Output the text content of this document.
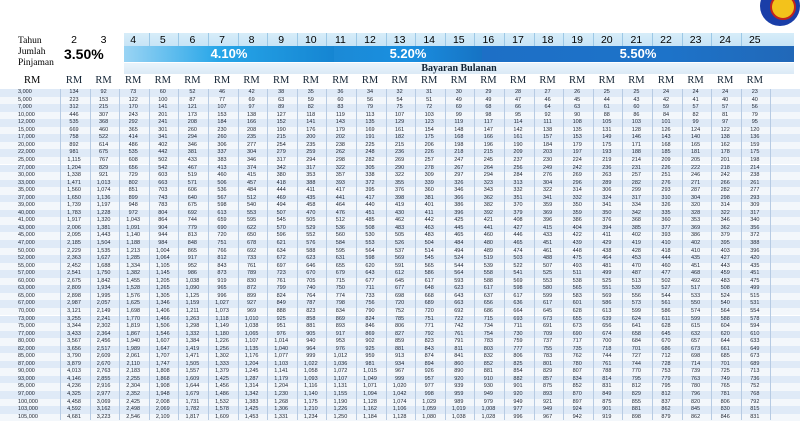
Tahun
Jumlah
Pinjaman
2	3	4	5	6	7	8	9	10	11	12	13	14	15	16	17	18	19	20	21	22	23	24	25
3.50%	4.10%	5.20%	5.50%
Bayaran Bulanan
RM	RM	RM	RM	RM	RM	RM	RM	RM	RM	RM	RM	RM	RM	RM	RM	RM	RM	RM	RM	RM	RM	RM	RM	RM
3,000	134	92	73	60	52	46	42	38	35	36	34	32	31	30	29	28	27	26	25	25	24	24	24	23
5,000	223	153	122	100	87	77	69	63	59	60	56	54	51	49	49	47	46	45	44	43	42	41	40	40
7,000	312	215	170	141	121	107	97	89	82	83	79	75	72	69	68	66	64	63	61	60	59	57	57	56
10,000	446	307	243	201	173	153	138	127	118	119	113	107	103	99	98	95	92	90	88	86	84	82	81	79
12,000	535	368	292	241	208	184	166	152	141	143	135	129	123	119	117	114	111	108	105	103	101	99	97	95
15,000	669	460	365	301	260	230	208	190	176	179	169	161	154	148	147	142	138	135	131	128	126	124	122	120
17,000	758	522	414	341	294	260	235	215	200	202	191	182	175	168	166	161	157	153	149	146	143	140	138	136
20,000	892	614	486	402	346	306	277	254	235	238	225	215	206	198	196	190	184	179	175	171	168	165	162	159
22,000	981	675	535	442	381	337	304	279	259	262	248	236	226	218	215	209	203	197	193	188	185	181	178	175
25,000	1,115	767	608	502	433	383	346	317	294	298	282	269	257	247	245	237	230	224	219	214	209	205	201	198
27,000	1,204	829	656	542	467	413	374	342	317	322	305	290	278	267	264	256	249	242	236	231	226	222	218	214
30,000	1,338	921	729	603	519	460	415	380	353	357	338	322	309	297	294	284	276	269	263	257	251	246	242	238
33,000	1,471	1,013	802	663	571	506	457	418	388	393	372	355	339	326	323	313	304	296	289	282	276	271	266	261
35,000	1,560	1,074	851	703	606	536	484	444	411	417	395	376	360	346	343	332	322	314	306	299	293	287	282	277
37,000	1,650	1,136	899	743	640	567	512	469	435	441	417	398	381	366	362	351	341	332	324	317	310	304	298	293
39,000	1,739	1,197	948	783	675	598	540	494	458	464	440	419	401	386	382	370	359	350	341	334	326	320	314	309
40,000	1,783	1,228	972	804	692	613	553	507	470	476	451	430	411	396	392	379	369	359	350	342	335	328	322	317
41,000	1,917	1,320	1,043	864	744	659	595	545	505	512	485	462	442	425	421	408	396	386	376	368	360	353	346	340
43,000	2,006	1,381	1,091	904	779	690	622	570	529	536	508	483	463	445	441	427	415	404	394	385	377	369	362	356
45,000	2,095	1,443	1,140	944	813	720	650	596	552	560	530	505	483	465	460	446	433	422	411	402	393	386	379	372
47,000	2,185	1,504	1,188	984	848	751	678	621	576	584	553	526	504	484	480	465	451	439	429	419	410	402	395	388
50,000	2,229	1,535	1,213	1,004	865	766	692	634	588	595	564	537	514	494	489	474	461	448	438	428	418	410	403	396
52,000	2,363	1,627	1,285	1,064	917	812	733	672	623	631	598	569	545	524	519	503	488	475	464	453	444	435	427	420
55,000	2,452	1,688	1,334	1,105	952	843	761	697	646	655	620	591	565	544	539	522	507	493	481	470	460	451	443	435
57,000	2,541	1,750	1,382	1,145	986	873	789	723	670	679	643	612	586	564	558	541	525	511	499	487	477	468	459	451
60,000	2,675	1,842	1,455	1,205	1,038	919	830	761	705	715	677	645	617	593	588	569	553	538	525	513	502	492	483	475
63,000	2,809	1,934	1,528	1,265	1,090	965	872	799	740	750	711	677	648	623	617	598	580	565	551	539	527	517	508	499
65,000	2,898	1,995	1,576	1,305	1,125	996	899	824	764	774	733	698	668	643	637	617	599	583	569	556	544	533	524	515
67,000	2,987	2,057	1,625	1,346	1,159	1,027	927	849	787	798	756	720	689	663	656	636	617	601	586	573	561	550	540	531
70,000	3,121	2,149	1,698	1,406	1,211	1,073	969	888	823	834	790	752	720	692	686	664	645	628	613	599	586	574	564	554
73,000	3,255	2,241	1,770	1,466	1,263	1,118	1,010	925	858	869	824	785	751	722	715	693	673	655	639	624	611	599	588	578
75,000	3,344	2,302	1,819	1,506	1,298	1,149	1,038	951	881	893	846	806	771	742	734	711	691	673	656	641	628	615	604	594
77,000	3,433	2,364	1,867	1,546	1,332	1,180	1,065	976	905	917	869	827	792	761	754	730	709	690	674	658	645	632	620	610
80,000	3,567	2,456	1,940	1,607	1,384	1,226	1,107	1,014	940	953	902	859	823	791	783	759	737	717	700	684	670	657	644	633
82,000	3,656	2,517	1,989	1,647	1,419	1,256	1,135	1,040	964	976	925	881	843	811	803	777	755	735	718	701	686	673	661	649
85,000	3,790	2,609	2,061	1,707	1,471	1,302	1,176	1,077	999	1,012	959	913	874	841	832	806	783	762	744	727	712	698	685	673
87,000	3,879	2,670	2,110	1,747	1,505	1,333	1,204	1,103	1,022	1,036	981	934	894	860	852	825	801	780	761	744	728	714	701	689
90,000	4,013	2,763	2,183	1,808	1,557	1,379	1,245	1,141	1,058	1,072	1,015	967	926	890	881	854	829	807	788	770	753	739	725	713
93,000	4,146	2,855	2,255	1,868	1,609	1,425	1,287	1,179	1,093	1,107	1,049	999	957	920	910	882	857	834	814	795	779	763	749	736
95,000	4,236	2,916	2,304	1,908	1,644	1,456	1,314	1,204	1,116	1,131	1,071	1,020	977	939	930	901	875	852	831	812	795	780	765	752
97,000	4,325	2,977	2,352	1,948	1,679	1,486	1,342	1,230	1,140	1,155	1,094	1,042	998	959	949	920	893	870	849	829	812	796	781	768
100,000	4,458	3,069	2,425	2,008	1,731	1,532	1,383	1,268	1,175	1,190	1,128	1,074	1,029	989	979	949	921	897	875	855	837	820	806	792
103,000	4,592	3,162	2,498	2,069	1,782	1,578	1,425	1,306	1,210	1,226	1,162	1,106	1,059	1,019	1,008	977	949	924	901	881	862	845	830	815
105,000	4,681	3,223	2,546	2,109	1,817	1,609	1,453	1,331	1,234	1,250	1,184	1,128	1,080	1,038	1,028	996	967	942	919	898	879	862	846	831
